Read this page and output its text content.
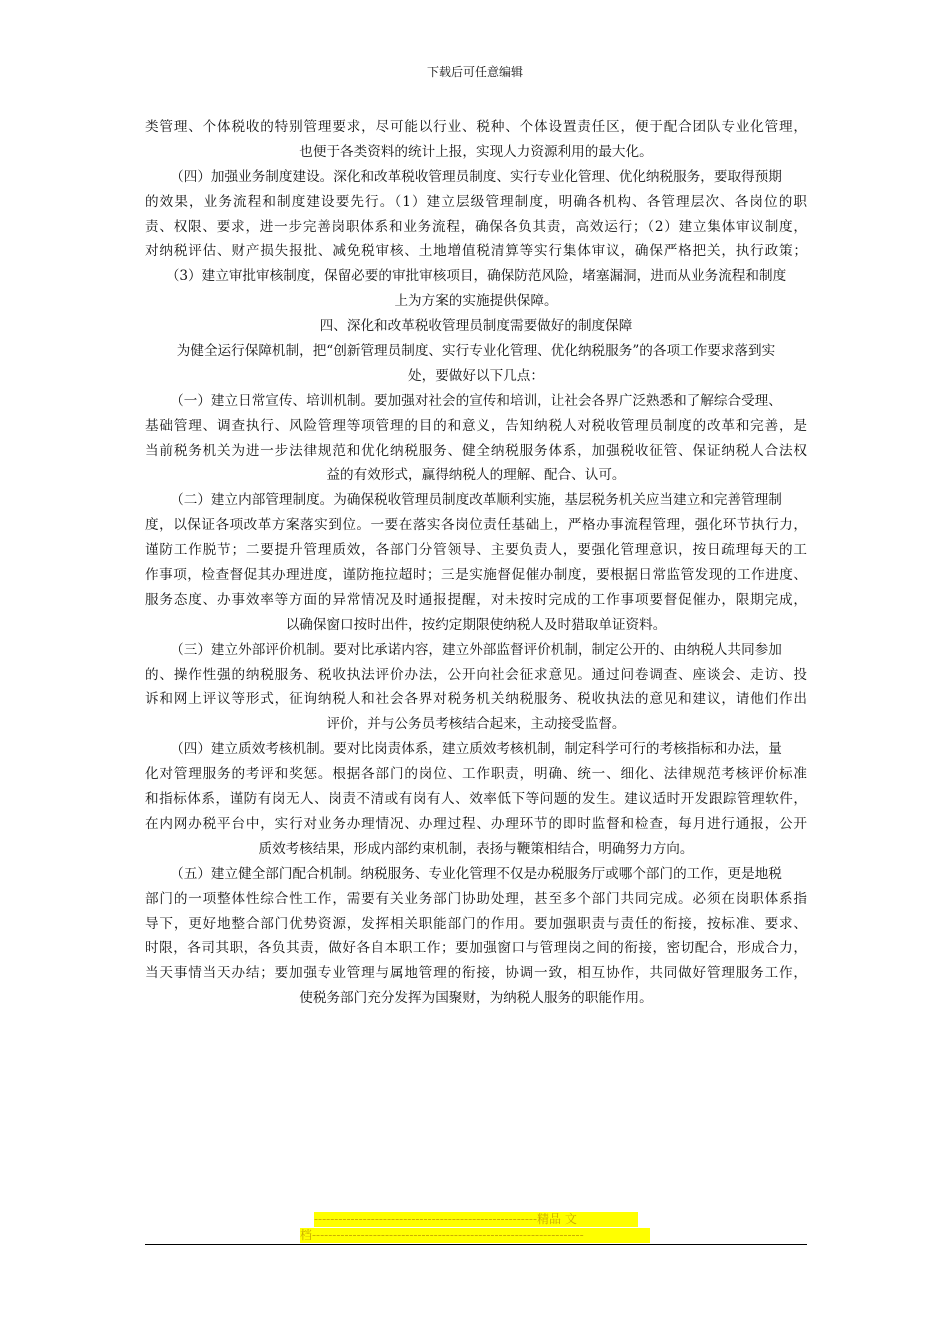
下载后可任意编辑
类管理、个体税收的特别管理要求，尽可能以行业、税种、个体设置责任区，便于配合团队专业化管理，
也便于各类资料的统计上报，实现人力资源利用的最大化。
（四）加强业务制度建设。深化和改革税收管理员制度、实行专业化管理、优化纳税服务，要取得预期
的效果，业务流程和制度建设要先行。（1）建立层级管理制度，明确各机构、各管理层次、各岗位的职
责、权限、要求，进一步完善岗职体系和业务流程，确保各负其责，高效运行；（2）建立集体审议制度，
对纳税评估、财产损失报批、减免税审核、土地增值税清算等实行集体审议，确保严格把关，执行政策；
（3）建立审批审核制度，保留必要的审批审核项目，确保防范风险，堵塞漏洞，进而从业务流程和制度
上为方案的实施提供保障。
四、深化和改革税收管理员制度需要做好的制度保障
为健全运行保障机制，把“创新管理员制度、实行专业化管理、优化纳税服务”的各项工作要求落到实
处，要做好以下几点：
（一）建立日常宣传、培训机制。要加强对社会的宣传和培训，让社会各界广泛熟悉和了解综合受理、
基础管理、调查执行、风险管理等项管理的目的和意义，告知纳税人对税收管理员制度的改革和完善，是
当前税务机关为进一步法律规范和优化纳税服务、健全纳税服务体系，加强税收征管、保证纳税人合法权
益的有效形式，赢得纳税人的理解、配合、认可。
（二）建立内部管理制度。为确保税收管理员制度改革顺利实施，基层税务机关应当建立和完善管理制
度，以保证各项改革方案落实到位。一要在落实各岗位责任基础上，严格办事流程管理，强化环节执行力，
谨防工作脱节；二要提升管理质效，各部门分管领导、主要负责人，要强化管理意识，按日疏理每天的工
作事项，检查督促其办理进度，谨防拖拉超时；三是实施督促催办制度，要根据日常监管发现的工作进度、
服务态度、办事效率等方面的异常情况及时通报提醒，对未按时完成的工作事项要督促催办，限期完成，
以确保窗口按时出件，按约定期限使纳税人及时猎取单证资料。
（三）建立外部评价机制。要对比承诺内容，建立外部监督评价机制，制定公开的、由纳税人共同参加
的、操作性强的纳税服务、税收执法评价办法，公开向社会征求意见。通过问卷调查、座谈会、走访、投
诉和网上评议等形式，征询纳税人和社会各界对税务机关纳税服务、税收执法的意见和建议，请他们作出
评价，并与公务员考核结合起来，主动接受监督。
（四）建立质效考核机制。要对比岗责体系，建立质效考核机制，制定科学可行的考核指标和办法，量
化对管理服务的考评和奖惩。根据各部门的岗位、工作职责，明确、统一、细化、法律规范考核评价标准
和指标体系，谨防有岗无人、岗责不清或有岗有人、效率低下等问题的发生。建议适时开发跟踪管理软件，
在内网办税平台中，实行对业务办理情况、办理过程、办理环节的即时监督和检查，每月进行通报，公开
质效考核结果，形成内部约束机制，表扬与鞭策相结合，明确努力方向。
（五）建立健全部门配合机制。纳税服务、专业化管理不仅是办税服务厅或哪个部门的工作，更是地税
部门的一项整体性综合性工作，需要有关业务部门协助处理，甚至多个部门共同完成。必须在岗职体系指
导下，更好地整合部门优势资源，发挥相关职能部门的作用。要加强职责与责任的衔接，按标准、要求、
时限，各司其职，各负其责，做好各自本职工作；要加强窗口与管理岗之间的衔接，密切配合，形成合力，
当天事情当天办结；要加强专业管理与属地管理的衔接，协调一致，相互协作，共同做好管理服务工作，
使税务部门充分发挥为国聚财，为纳税人服务的职能作用。
-------------------------------------------------------精品 文
档-------------------------------------------------------------------
